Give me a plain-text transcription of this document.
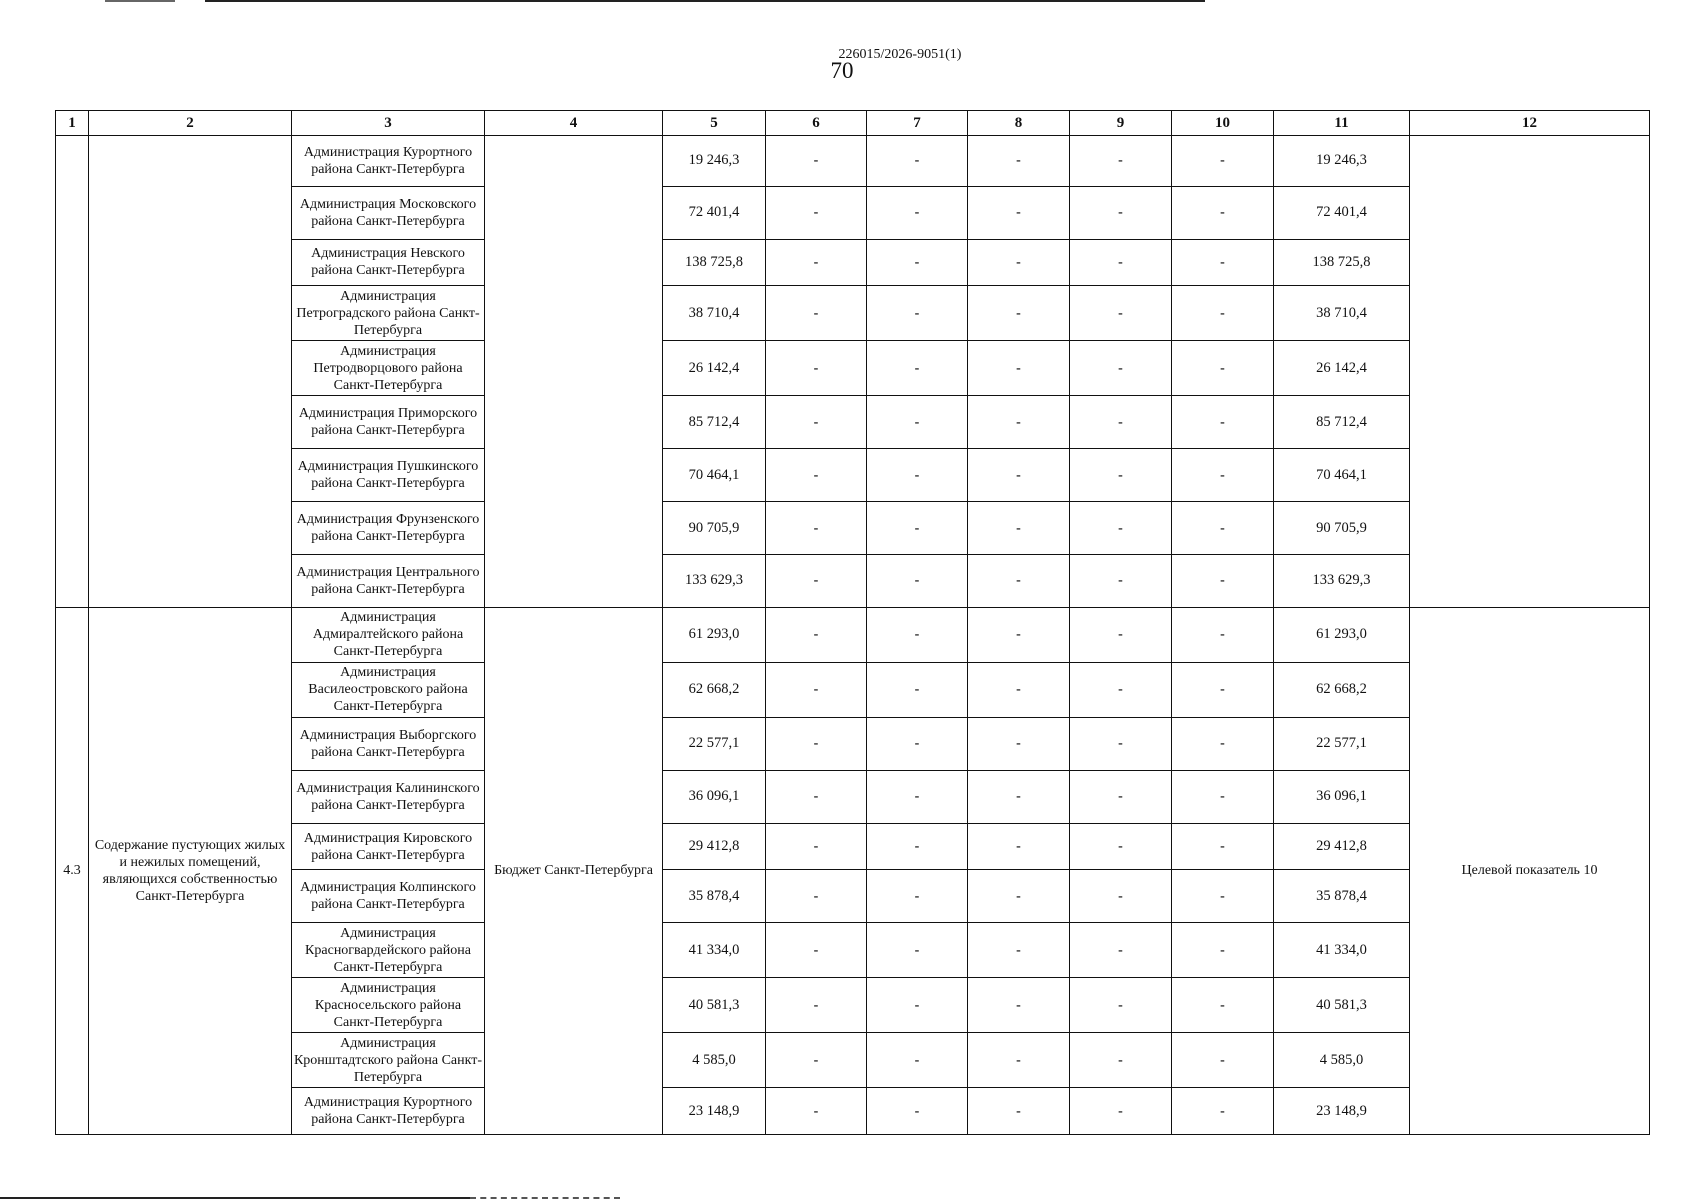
226015/2026-9051(1)
70
1	2	3	4	5	6	7	8	9	10	11	12
		Администрация Курортного района Санкт-Петербурга		19 246,3	-	-	-	-	-	19 246,3	
		Администрация Московского района Санкт-Петербурга		72 401,4	-	-	-	-	-	72 401,4	
		Администрация Невского района Санкт-Петербурга		138 725,8	-	-	-	-	-	138 725,8	
		Администрация Петроградского района Санкт-Петербурга		38 710,4	-	-	-	-	-	38 710,4	
		Администрация Петродворцового района Санкт-Петербурга		26 142,4	-	-	-	-	-	26 142,4	
		Администрация Приморского района Санкт-Петербурга		85 712,4	-	-	-	-	-	85 712,4	
		Администрация Пушкинского района Санкт-Петербурга		70 464,1	-	-	-	-	-	70 464,1	
		Администрация Фрунзенского района Санкт-Петербурга		90 705,9	-	-	-	-	-	90 705,9	
		Администрация Центрального района Санкт-Петербурга		133 629,3	-	-	-	-	-	133 629,3	
4.3	Содержание пустующих жилых и нежилых помещений, являющихся собственностью Санкт-Петербурга	Администрация Адмиралтейского района Санкт-Петербурга	Бюджет Санкт-Петербурга	61 293,0	-	-	-	-	-	61 293,0	Целевой показатель 10
		Администрация Василеостровского района Санкт-Петербурга		62 668,2	-	-	-	-	-	62 668,2	
		Администрация Выборгского района Санкт-Петербурга		22 577,1	-	-	-	-	-	22 577,1	
		Администрация Калининского района Санкт-Петербурга		36 096,1	-	-	-	-	-	36 096,1	
		Администрация Кировского района Санкт-Петербурга		29 412,8	-	-	-	-	-	29 412,8	
		Администрация Колпинского района Санкт-Петербурга		35 878,4	-	-	-	-	-	35 878,4	
		Администрация Красногвардейского района Санкт-Петербурга		41 334,0	-	-	-	-	-	41 334,0	
		Администрация Красносельского района Санкт-Петербурга		40 581,3	-	-	-	-	-	40 581,3	
		Администрация Кронштадтского района Санкт-Петербурга		4 585,0	-	-	-	-	-	4 585,0	
		Администрация Курортного района Санкт-Петербурга		23 148,9	-	-	-	-	-	23 148,9	
